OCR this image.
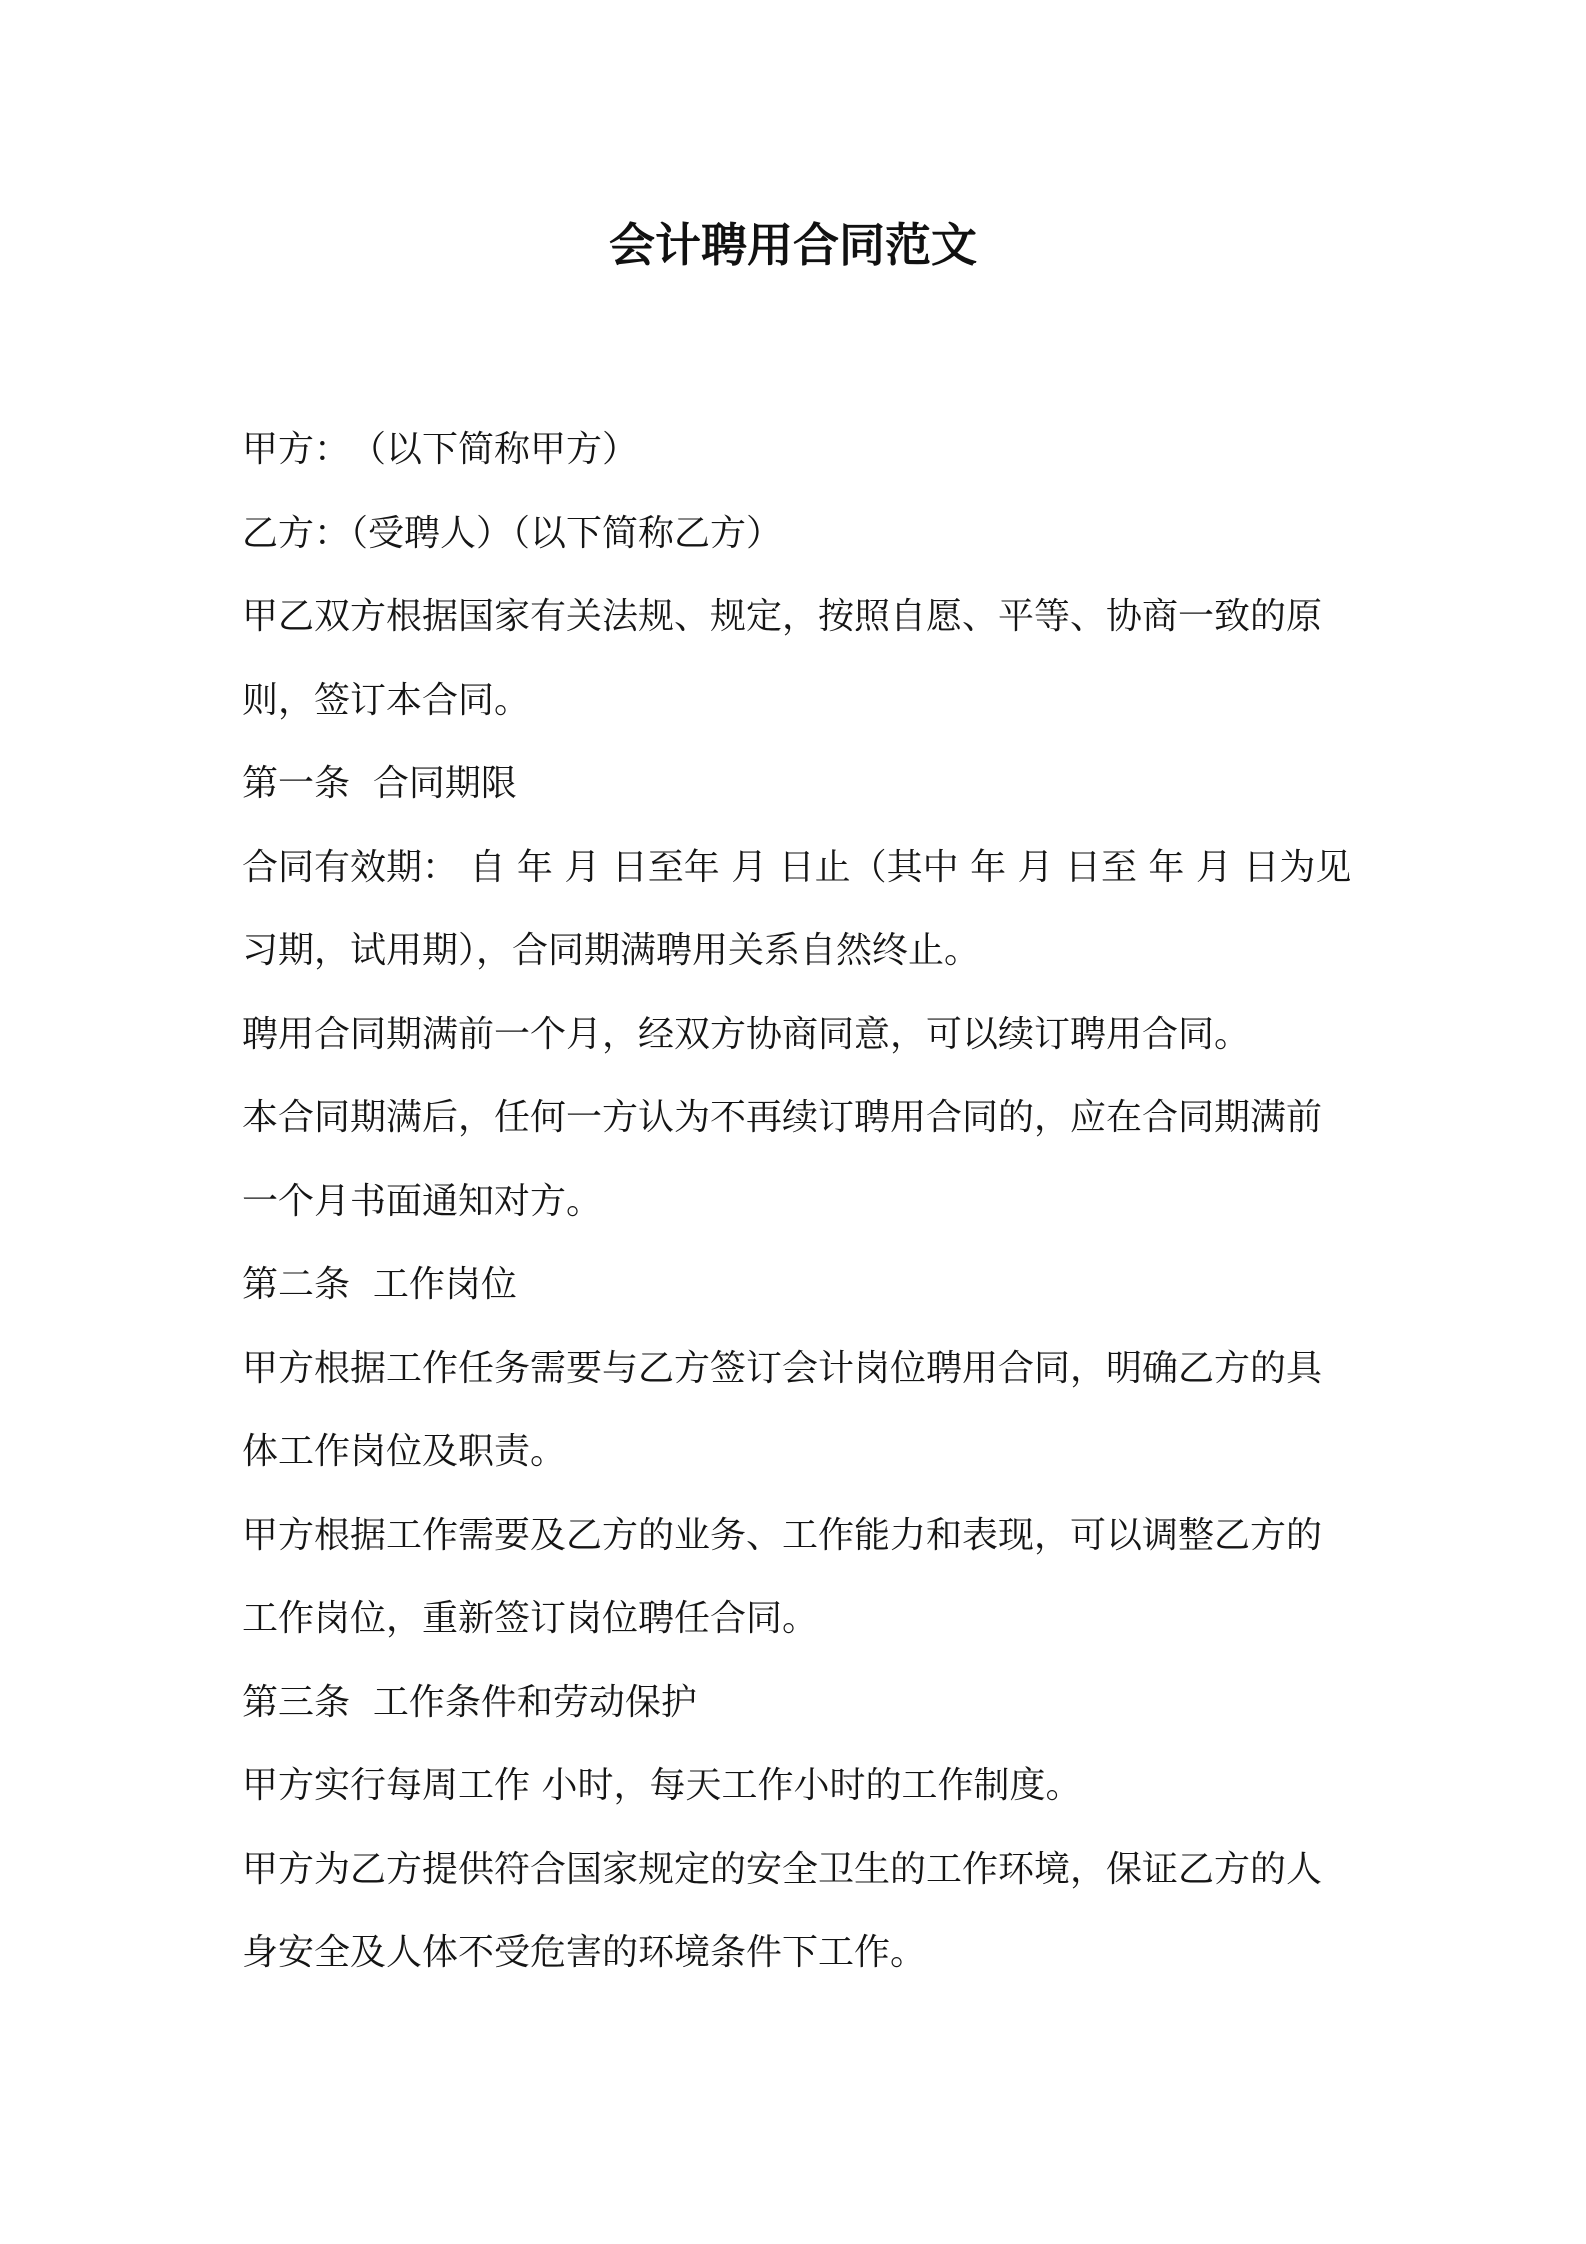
会计聘用合同范文

甲方：　（以下简称甲方）

乙方：（受聘人）（以下简称乙方）

甲乙双方根据国家有关法规、规定，按照自愿、平等、协商一致的原则，签订本合同。

第一条  合同期限

合同有效期： 自 年 月 日至年 月 日止（其中 年 月 日至 年 月 日为见习期，试用期），合同期满聘用关系自然终止。

聘用合同期满前一个月，经双方协商同意，可以续订聘用合同。

本合同期满后，任何一方认为不再续订聘用合同的，应在合同期满前一个月书面通知对方。

第二条  工作岗位

甲方根据工作任务需要与乙方签订会计岗位聘用合同，明确乙方的具体工作岗位及职责。

甲方根据工作需要及乙方的业务、工作能力和表现，可以调整乙方的工作岗位，重新签订岗位聘任合同。

第三条  工作条件和劳动保护

甲方实行每周工作 小时，每天工作小时的工作制度。

甲方为乙方提供符合国家规定的安全卫生的工作环境，保证乙方的人身安全及人体不受危害的环境条件下工作。
